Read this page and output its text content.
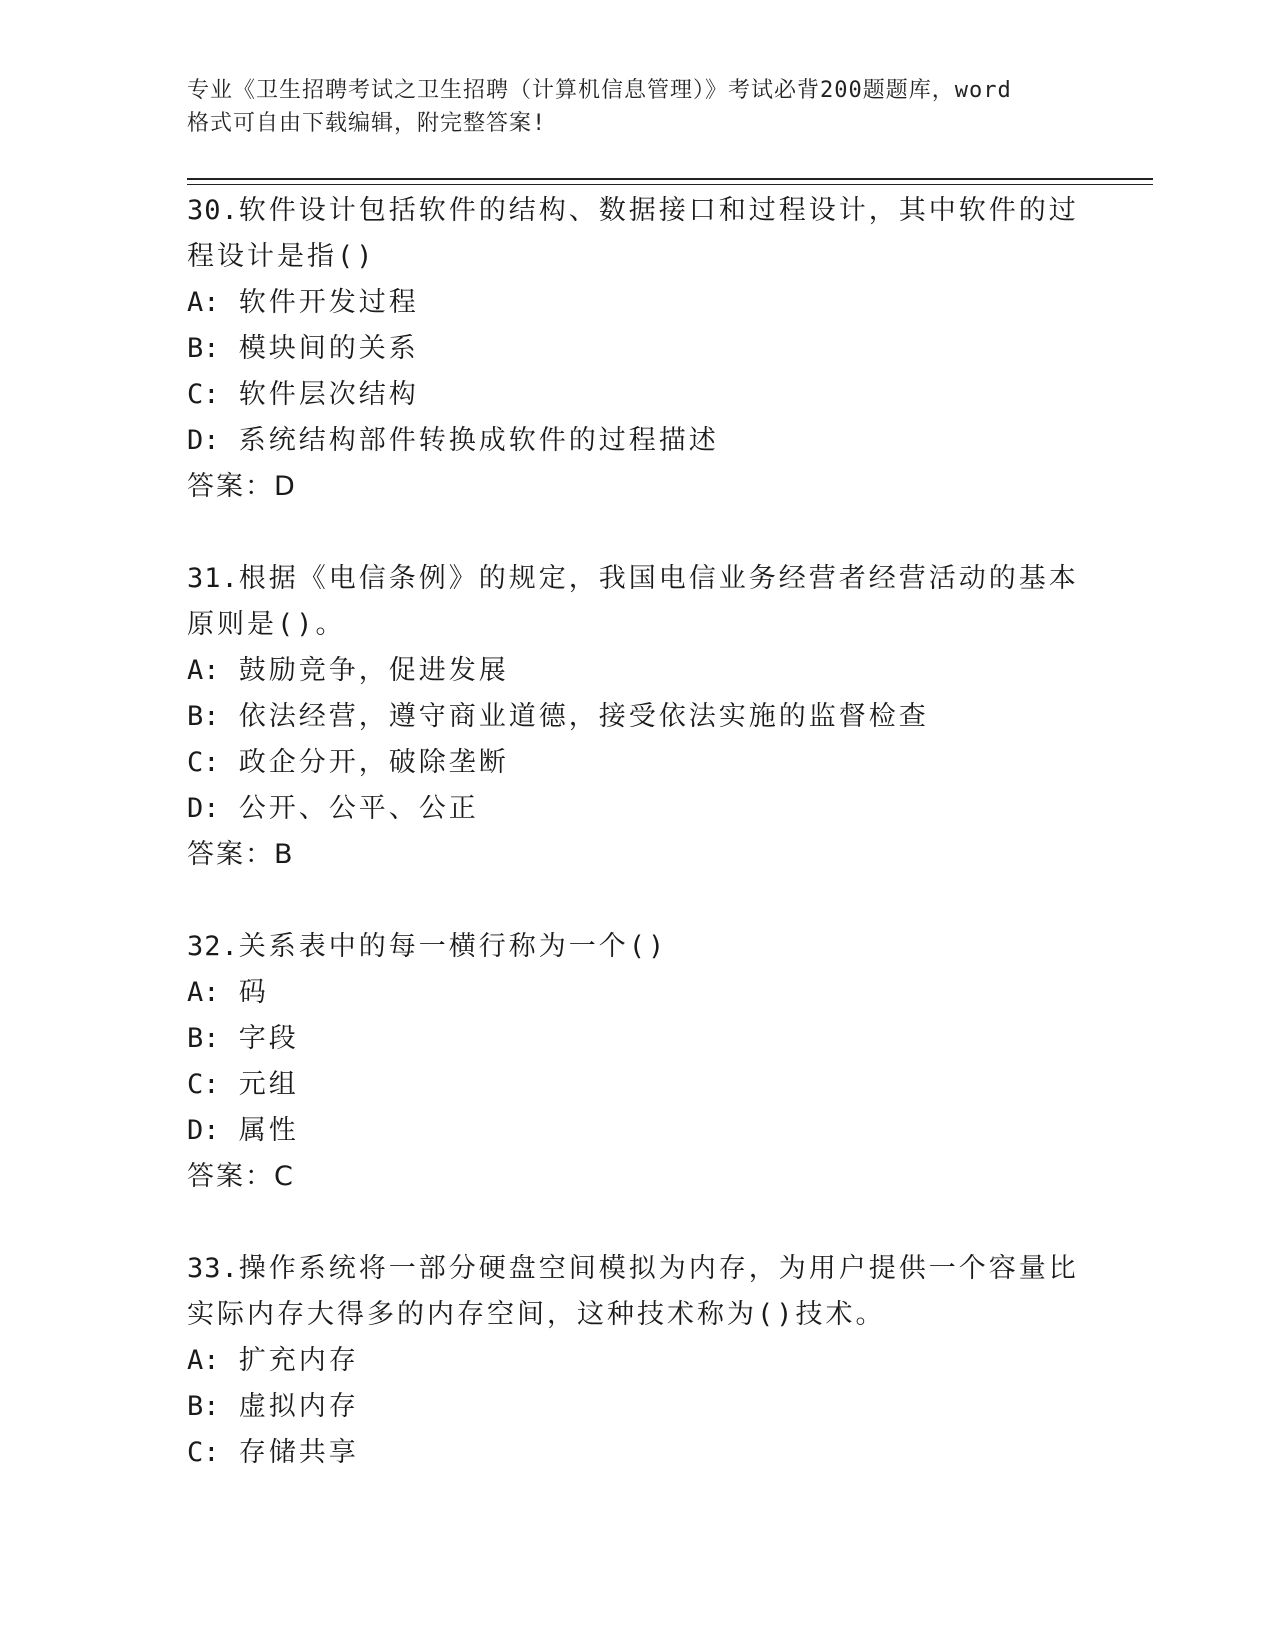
专业《卫生招聘考试之卫生招聘（计算机信息管理）》考试必背200题题库，word
格式可自由下载编辑，附完整答案!

30.软件设计包括软件的结构、数据接口和过程设计，其中软件的过程设计是指()

A: 软件开发过程
B: 模块间的关系
C: 软件层次结构
D: 系统结构部件转换成软件的过程描述
答案：D

31.根据《电信条例》的规定，我国电信业务经营者经营活动的基本原则是()。

A: 鼓励竞争，促进发展
B: 依法经营，遵守商业道德，接受依法实施的监督检查
C: 政企分开，破除垄断
D: 公开、公平、公正
答案：B

32.关系表中的每一横行称为一个()

A: 码
B: 字段
C: 元组
D: 属性
答案：C

33.操作系统将一部分硬盘空间模拟为内存，为用户提供一个容量比实际内存大得多的内存空间，这种技术称为()技术。

A: 扩充内存
B: 虚拟内存
C: 存储共享
